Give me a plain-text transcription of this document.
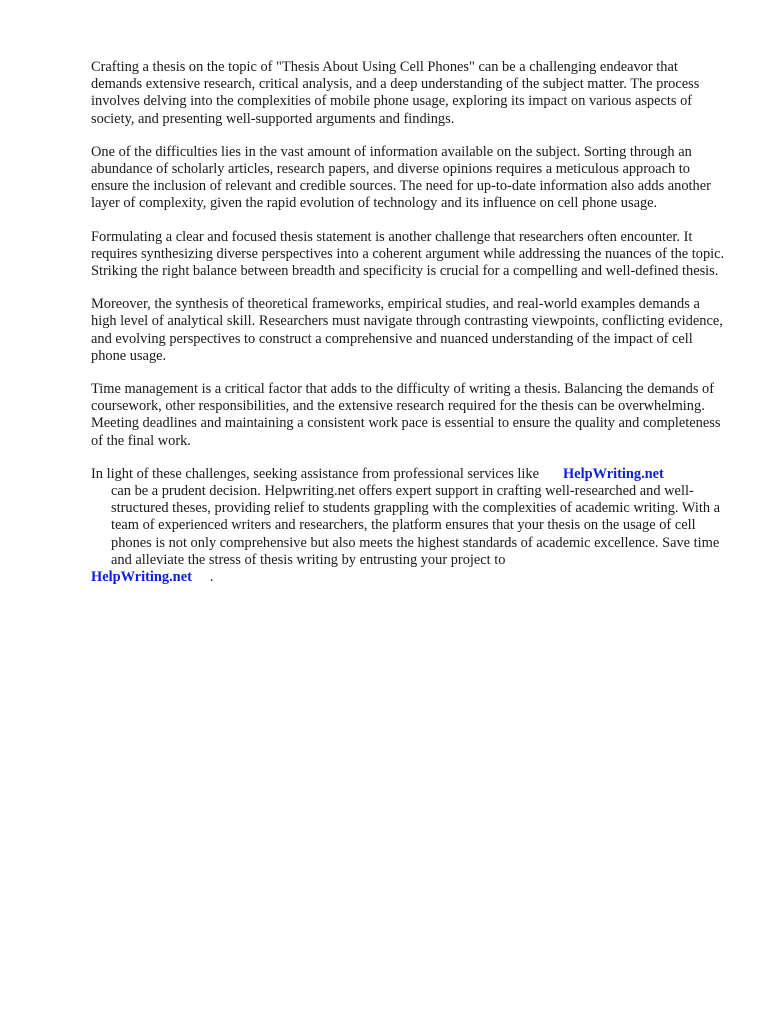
Crafting a thesis on the topic of "Thesis About Using Cell Phones" can be a challenging endeavor that demands extensive research, critical analysis, and a deep understanding of the subject matter. The process involves delving into the complexities of mobile phone usage, exploring its impact on various aspects of society, and presenting well-supported arguments and findings.

One of the difficulties lies in the vast amount of information available on the subject. Sorting through an abundance of scholarly articles, research papers, and diverse opinions requires a meticulous approach to ensure the inclusion of relevant and credible sources. The need for up-to-date information also adds another layer of complexity, given the rapid evolution of technology and its influence on cell phone usage.

Formulating a clear and focused thesis statement is another challenge that researchers often encounter. It requires synthesizing diverse perspectives into a coherent argument while addressing the nuances of the topic. Striking the right balance between breadth and specificity is crucial for a compelling and well-defined thesis.

Moreover, the synthesis of theoretical frameworks, empirical studies, and real-world examples demands a high level of analytical skill. Researchers must navigate through contrasting viewpoints, conflicting evidence, and evolving perspectives to construct a comprehensive and nuanced understanding of the impact of cell phone usage.

Time management is a critical factor that adds to the difficulty of writing a thesis. Balancing the demands of coursework, other responsibilities, and the extensive research required for the thesis can be overwhelming. Meeting deadlines and maintaining a consistent work pace is essential to ensure the quality and completeness of the final work.

In light of these challenges, seeking assistance from professional services like HelpWriting.net
can be a prudent decision. Helpwriting.net offers expert support in crafting well-researched and well-structured theses, providing relief to students grappling with the complexities of academic writing. With a team of experienced writers and researchers, the platform ensures that your thesis on the usage of cell phones is not only comprehensive but also meets the highest standards of academic excellence. Save time and alleviate the stress of thesis writing by entrusting your project to
HelpWriting.net .
